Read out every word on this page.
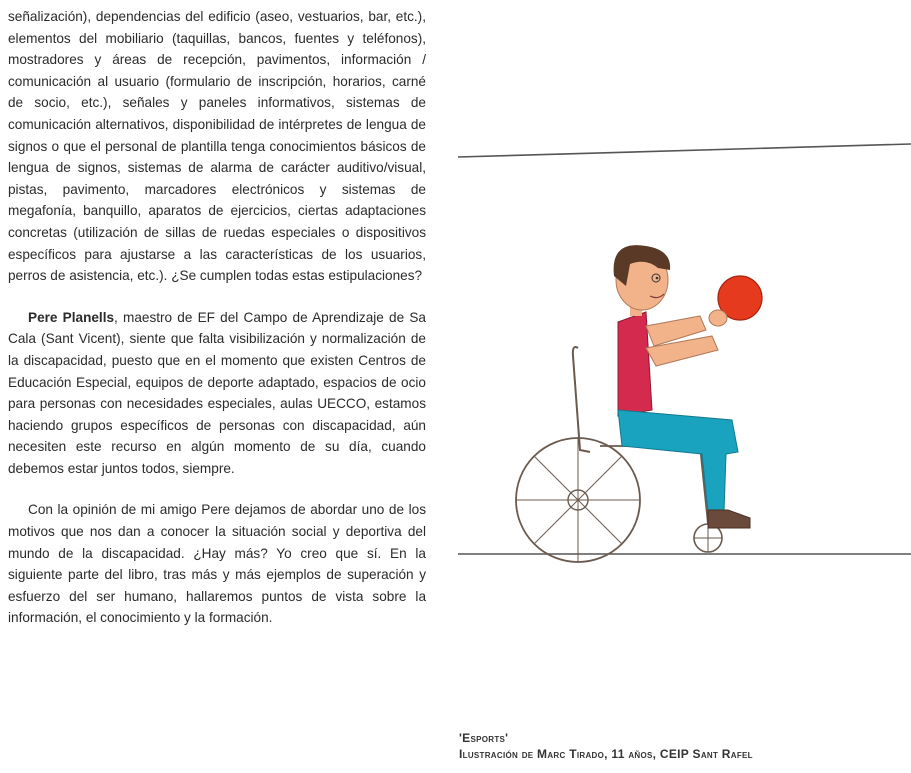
señalización), dependencias del edificio (aseo, vestuarios, bar, etc.), elementos del mobiliario (taquillas, bancos, fuentes y teléfonos), mostradores y áreas de recepción, pavimentos, información / comunicación al usuario (formulario de inscripción, horarios, carné de socio, etc.), señales y paneles informativos, sistemas de comunicación alternativos, disponibilidad de intérpretes de lengua de signos o que el personal de plantilla tenga conocimientos básicos de lengua de signos, sistemas de alarma de carácter auditivo/visual, pistas, pavimento, marcadores electrónicos y sistemas de megafonía, banquillo, aparatos de ejercicios, ciertas adaptaciones concretas (utilización de sillas de ruedas especiales o dispositivos específicos para ajustarse a las características de los usuarios, perros de asistencia, etc.). ¿Se cumplen todas estas estipulaciones?

Pere Planells, maestro de EF del Campo de Aprendizaje de Sa Cala (Sant Vicent), siente que falta visibilización y normalización de la discapacidad, puesto que en el momento que existen Centros de Educación Especial, equipos de deporte adaptado, espacios de ocio para personas con necesidades especiales, aulas UECCO, estamos haciendo grupos específicos de personas con discapacidad, aún necesiten este recurso en algún momento de su día, cuando debemos estar juntos todos, siempre.

Con la opinión de mi amigo Pere dejamos de abordar uno de los motivos que nos dan a conocer la situación social y deportiva del mundo de la discapacidad. ¿Hay más? Yo creo que sí. En la siguiente parte del libro, tras más y más ejemplos de superación y esfuerzo del ser humano, hallaremos puntos de vista sobre la información, el conocimiento y la formación.

'Esports'
Ilustración de Marc Tirado, 11 años, CEIP Sant Rafel
